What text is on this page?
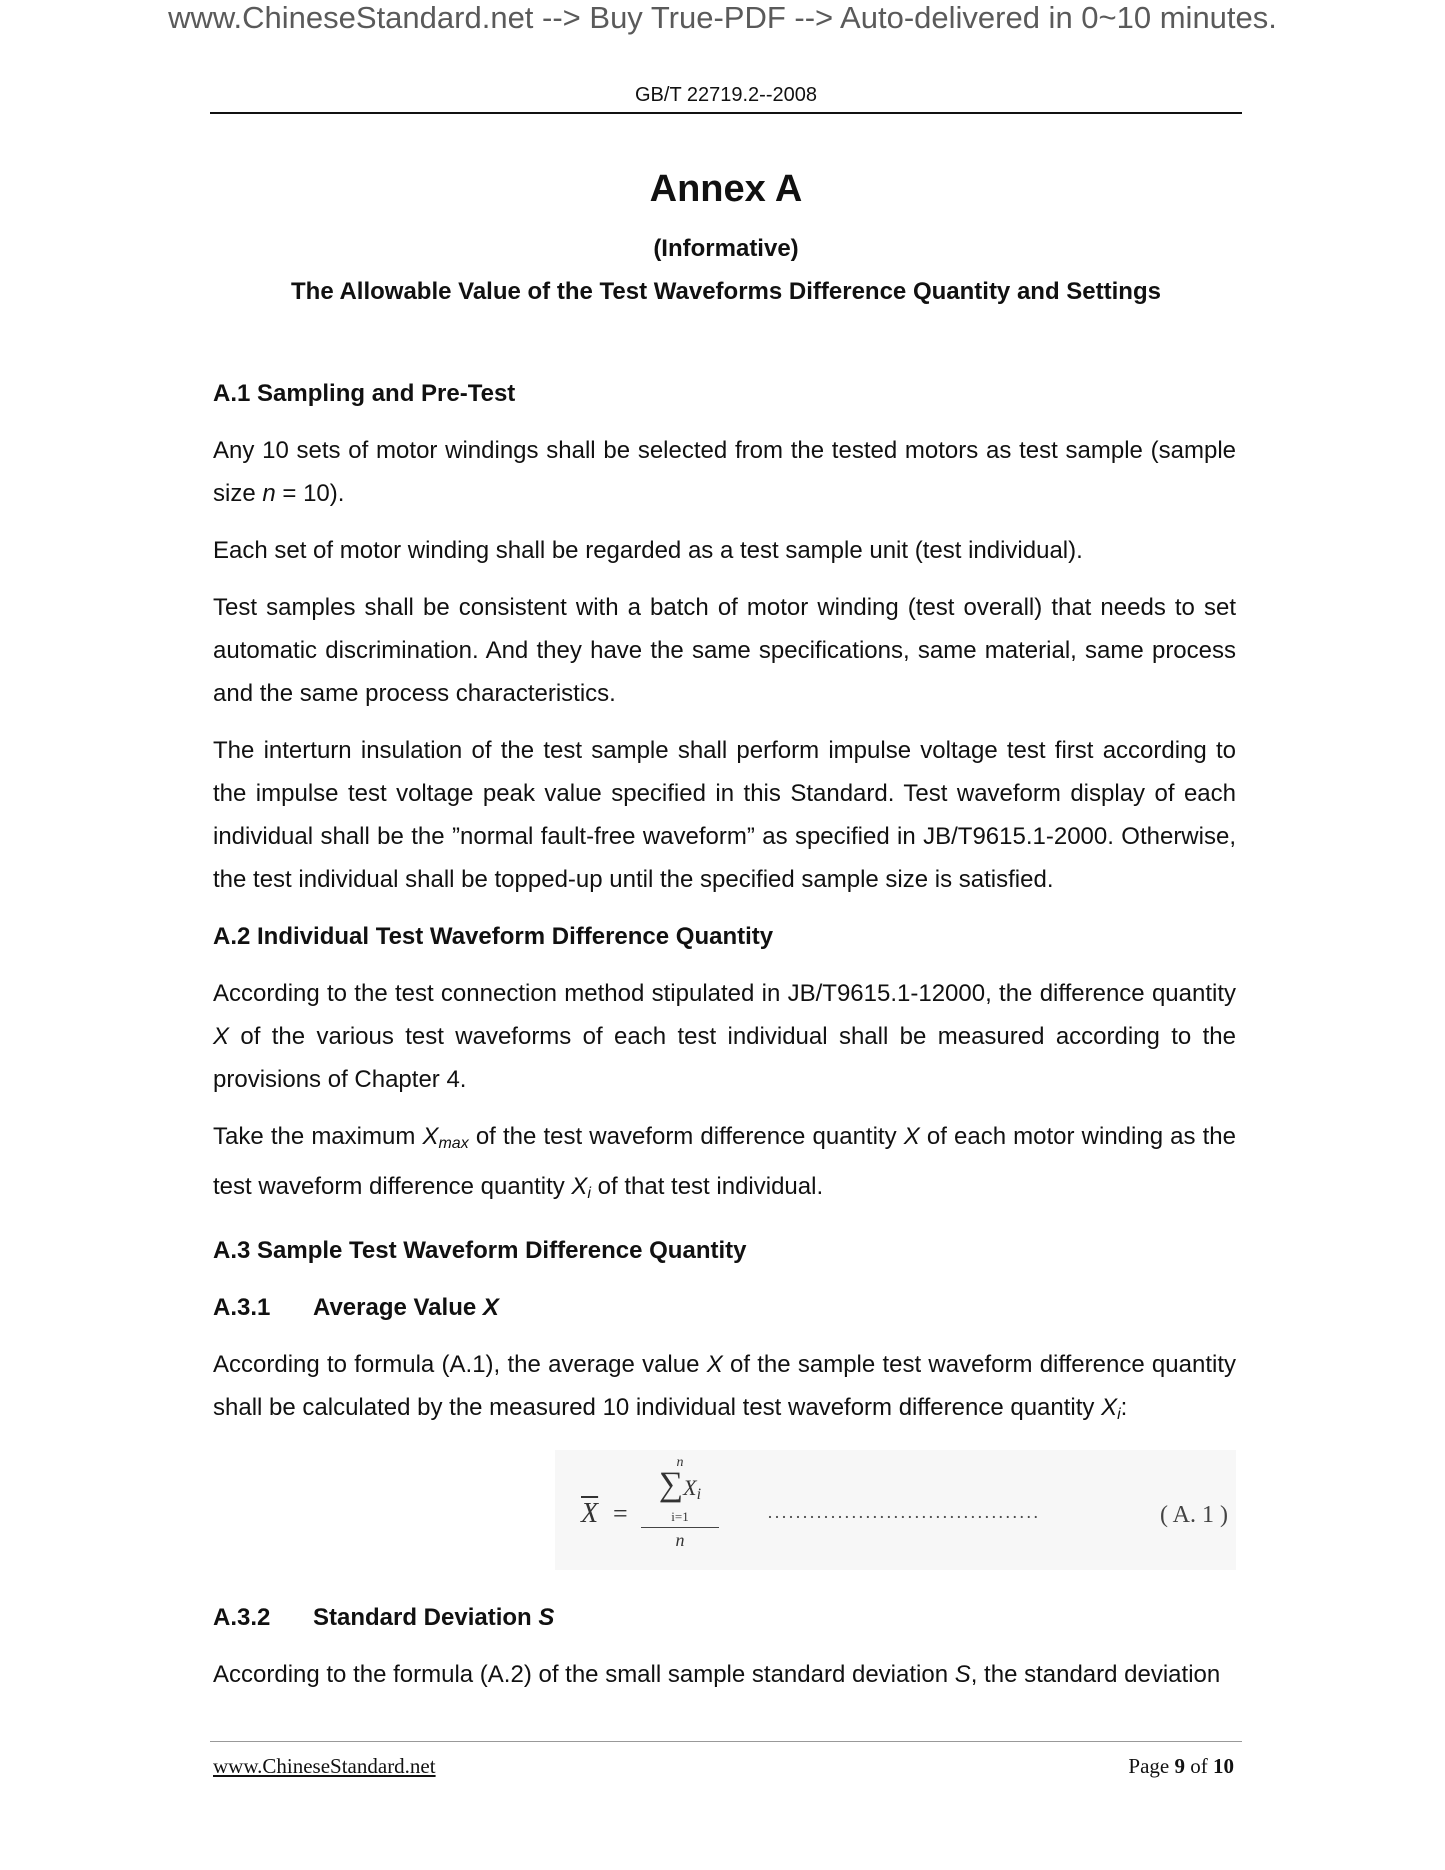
www.ChineseStandard.net --> Buy True-PDF --> Auto-delivered in 0~10 minutes.
GB/T 22719.2--2008
Annex A
(Informative)
The Allowable Value of the Test Waveforms Difference Quantity and Settings
A.1 Sampling and Pre-Test

Any 10 sets of motor windings shall be selected from the tested motors as test sample (sample size n = 10).

Each set of motor winding shall be regarded as a test sample unit (test individual).

Test samples shall be consistent with a batch of motor winding (test overall) that needs to set automatic discrimination. And they have the same specifications, same material, same process and the same process characteristics.

The interturn insulation of the test sample shall perform impulse voltage test first according to the impulse test voltage peak value specified in this Standard. Test waveform display of each individual shall be the ”normal fault-free waveform” as specified in JB/T9615.1-2000. Otherwise, the test individual shall be topped-up until the specified sample size is satisfied.

A.2 Individual Test Waveform Difference Quantity

According to the test connection method stipulated in JB/T9615.1-12000, the difference quantity X of the various test waveforms of each test individual shall be measured according to the provisions of Chapter 4.

Take the maximum $X_{max}$ of the test waveform difference quantity X of each motor winding as the test waveform difference quantity $X_i$ of that test individual.

A.3 Sample Test Waveform Difference Quantity
A.3.1 Average Value X

According to formula (A.1), the average value X of the sample test waveform difference quantity shall be calculated by the measured 10 individual test waveform difference quantity $X_i$:

$\overline{X}$ =
n
$\sum X_i$
i=1
n
·······································	( A. 1 )
A.3.2 Standard Deviation S

According to the formula (A.2) of the small sample standard deviation S, the standard deviation

www.ChineseStandard.net	Page 9 of 10
